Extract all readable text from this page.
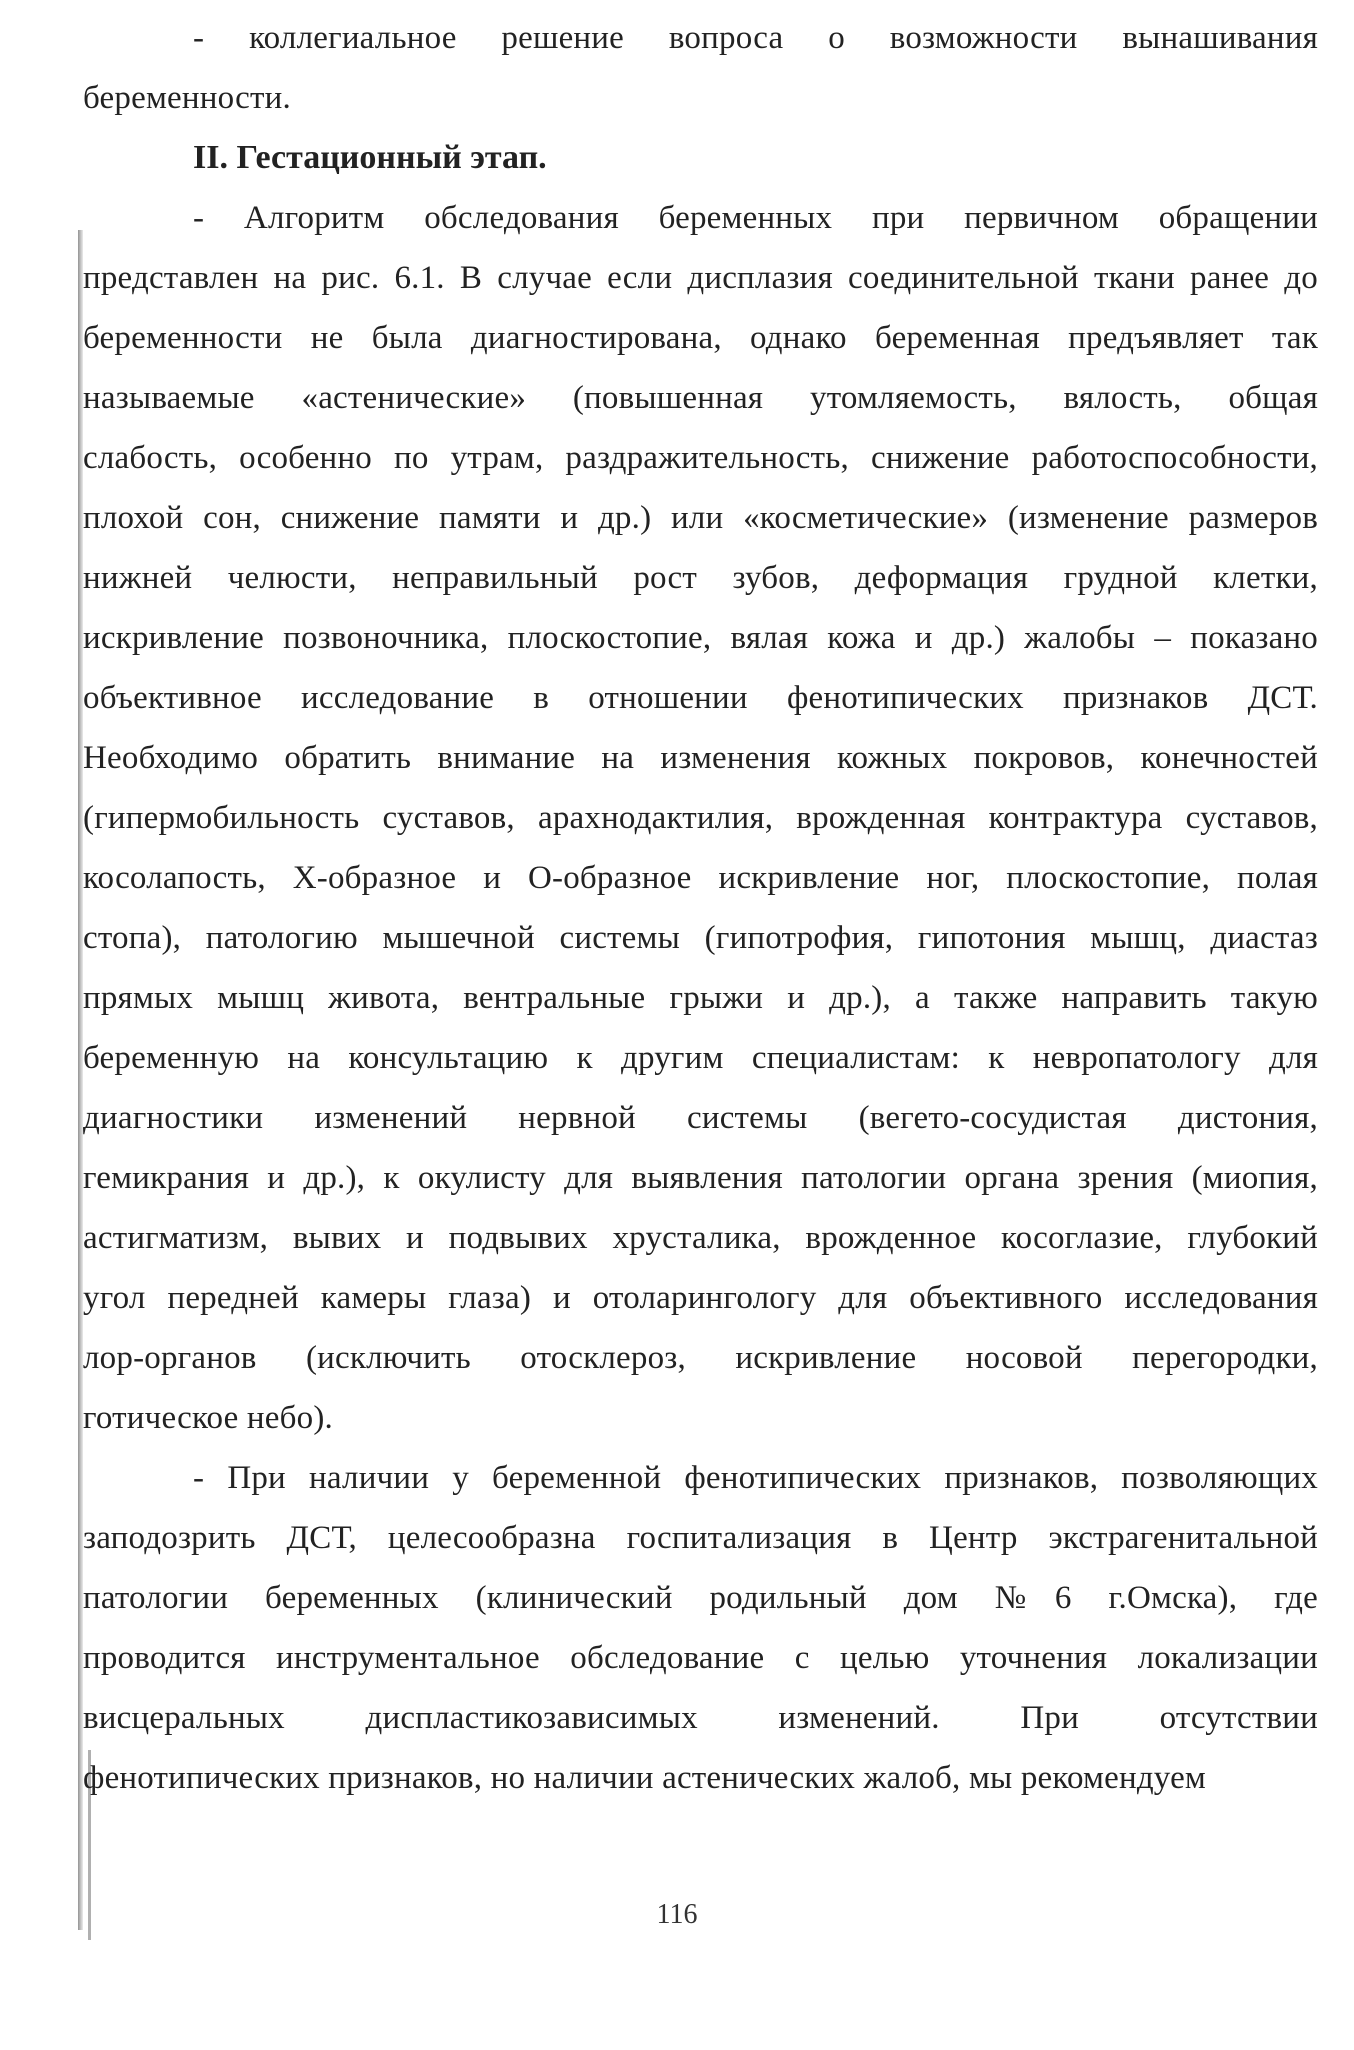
- коллегиальное решение вопроса о возможности вынашивания
беременности.
II. Гестационный этап.
- Алгоритм обследования беременных при первичном обращении
представлен на рис. 6.1. В случае если дисплазия соединительной ткани ранее до
беременности не была диагностирована, однако беременная предъявляет так
называемые «астенические» (повышенная утомляемость, вялость, общая
слабость, особенно по утрам, раздражительность, снижение работоспособности,
плохой сон, снижение памяти и др.) или «косметические» (изменение размеров
нижней челюсти, неправильный рост зубов, деформация грудной клетки,
искривление позвоночника, плоскостопие, вялая кожа и др.) жалобы – показано
объективное исследование в отношении фенотипических признаков ДСТ.
Необходимо обратить внимание на изменения кожных покровов, конечностей
(гипермобильность суставов, арахнодактилия, врожденная контрактура суставов,
косолапость, Х-образное и О-образное искривление ног, плоскостопие, полая
стопа), патологию мышечной системы (гипотрофия, гипотония мышц, диастаз
прямых мышц живота, вентральные грыжи и др.), а также направить такую
беременную на консультацию к другим специалистам: к невропатологу для
диагностики изменений нервной системы (вегето-сосудистая дистония,
гемикрания и др.), к окулисту для выявления патологии органа зрения (миопия,
астигматизм, вывих и подвывих хрусталика, врожденное косоглазие, глубокий
угол передней камеры глаза) и отоларингологу для объективного исследования
лор-органов (исключить отосклероз, искривление носовой перегородки,
готическое небо).
- При наличии у беременной фенотипических признаков, позволяющих
заподозрить ДСТ, целесообразна госпитализация в Центр экстрагенитальной
патологии беременных (клинический родильный дом №6 г.Омска), где
проводится инструментальное обследование с целью уточнения локализации
висцеральных диспластикозависимых изменений. При отсутствии
фенотипических признаков, но наличии астенических жалоб, мы рекомендуем
116
